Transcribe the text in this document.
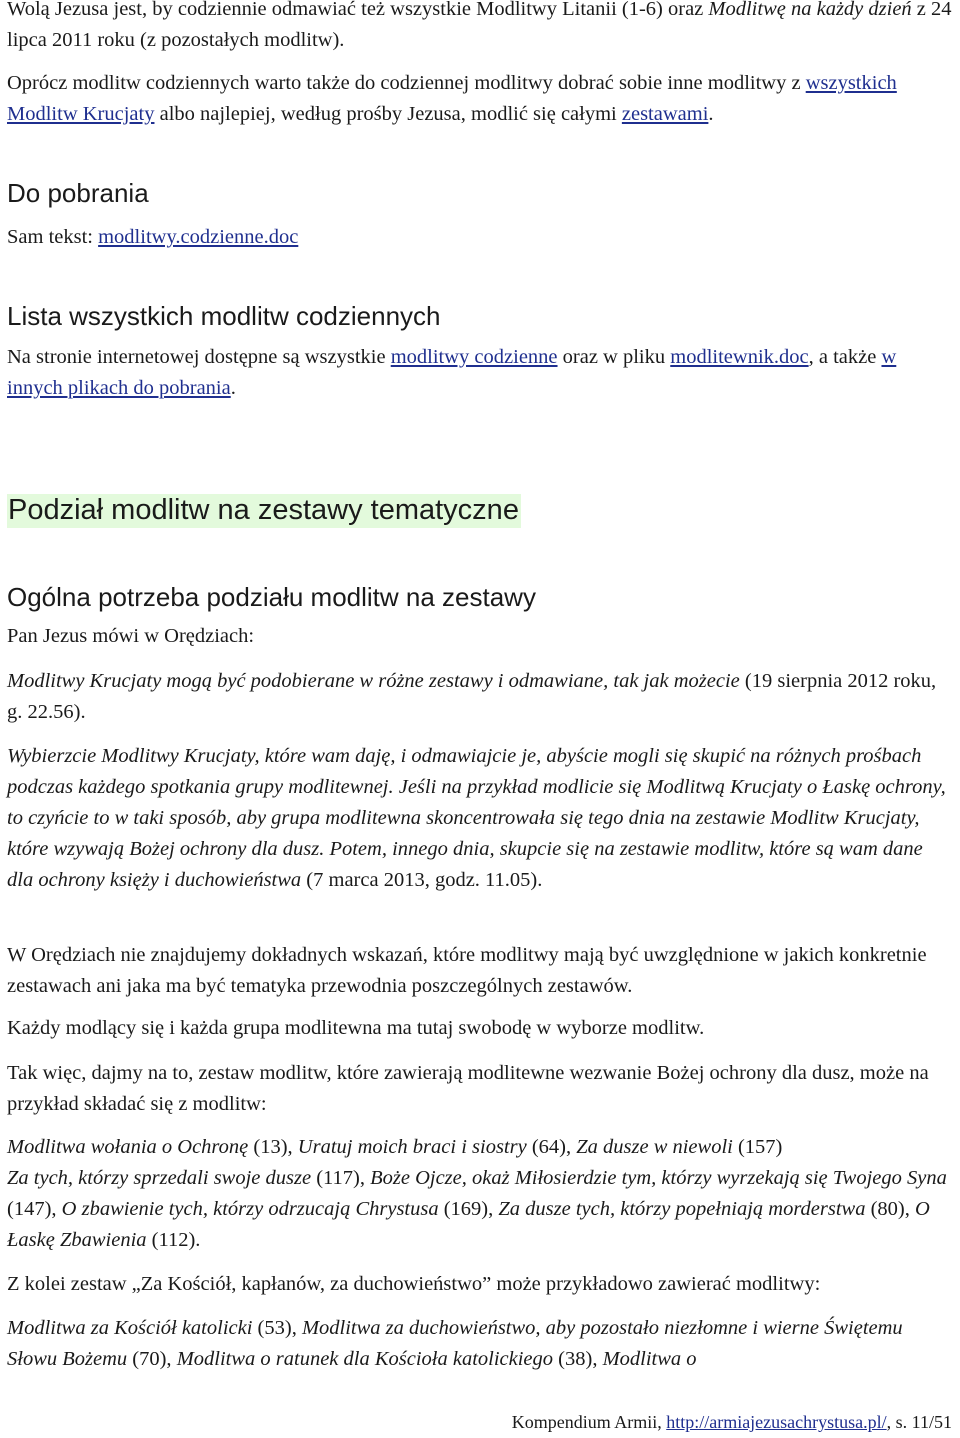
Wolą Jezusa jest, by codziennie odmawiać też wszystkie Modlitwy Litanii (1-6) oraz Modlitwę na każdy dzień z 24 lipca 2011 roku (z pozostałych modlitw).

Oprócz modlitw codziennych warto także do codziennej modlitwy dobrać sobie inne modlitwy z wszystkich Modlitw Krucjaty albo najlepiej, według prośby Jezusa, modlić się całymi zestawami.

Do pobrania

Sam tekst: modlitwy.codzienne.doc

Lista wszystkich modlitw codziennych

Na stronie internetowej dostępne są wszystkie modlitwy codzienne oraz w pliku modlitewnik.doc, a także w innych plikach do pobrania.

Podział modlitw na zestawy tematyczne
Ogólna potrzeba podziału modlitw na zestawy

Pan Jezus mówi w Orędziach:

Modlitwy Krucjaty mogą być podobierane w różne zestawy i odmawiane, tak jak możecie (19 sierpnia 2012 roku, g. 22.56).

Wybierzcie Modlitwy Krucjaty, które wam daję, i odmawiajcie je, abyście mogli się skupić na różnych prośbach podczas każdego spotkania grupy modlitewnej. Jeśli na przykład modlicie się Modlitwą Krucjaty o Łaskę ochrony, to czyńcie to w taki sposób, aby grupa modlitewna skoncentrowała się tego dnia na zestawie Modlitw Krucjaty, które wzywają Bożej ochrony dla dusz. Potem, innego dnia, skupcie się na zestawie modlitw, które są wam dane dla ochrony księży i duchowieństwa (7 marca 2013, godz. 11.05).

W Orędziach nie znajdujemy dokładnych wskazań, które modlitwy mają być uwzględnione w jakich konkretnie zestawach ani jaka ma być tematyka przewodnia poszczególnych zestawów.

Każdy modlący się i każda grupa modlitewna ma tutaj swobodę w wyborze modlitw.

Tak więc, dajmy na to, zestaw modlitw, które zawierają modlitewne wezwanie Bożej ochrony dla dusz, może na przykład składać się z modlitw:

Modlitwa wołania o Ochronę (13), Uratuj moich braci i siostry (64), Za dusze w niewoli (157)

Za tych, którzy sprzedali swoje dusze (117), Boże Ojcze, okaż Miłosierdzie tym, którzy wyrzekają się Twojego Syna (147), O zbawienie tych, którzy odrzucają Chrystusa (169), Za dusze tych, którzy popełniają morderstwa (80), O Łaskę Zbawienia (112).

Z kolei zestaw „Za Kościół, kapłanów, za duchowieństwo” może przykładowo zawierać modlitwy:

Modlitwa za Kościół katolicki (53), Modlitwa za duchowieństwo, aby pozostało niezłomne i wierne Świętemu Słowu Bożemu (70), Modlitwa o ratunek dla Kościoła katolickiego (38), Modlitwa o

Kompendium Armii, http://armiajezusachrystusa.pl/, s. 11/51
